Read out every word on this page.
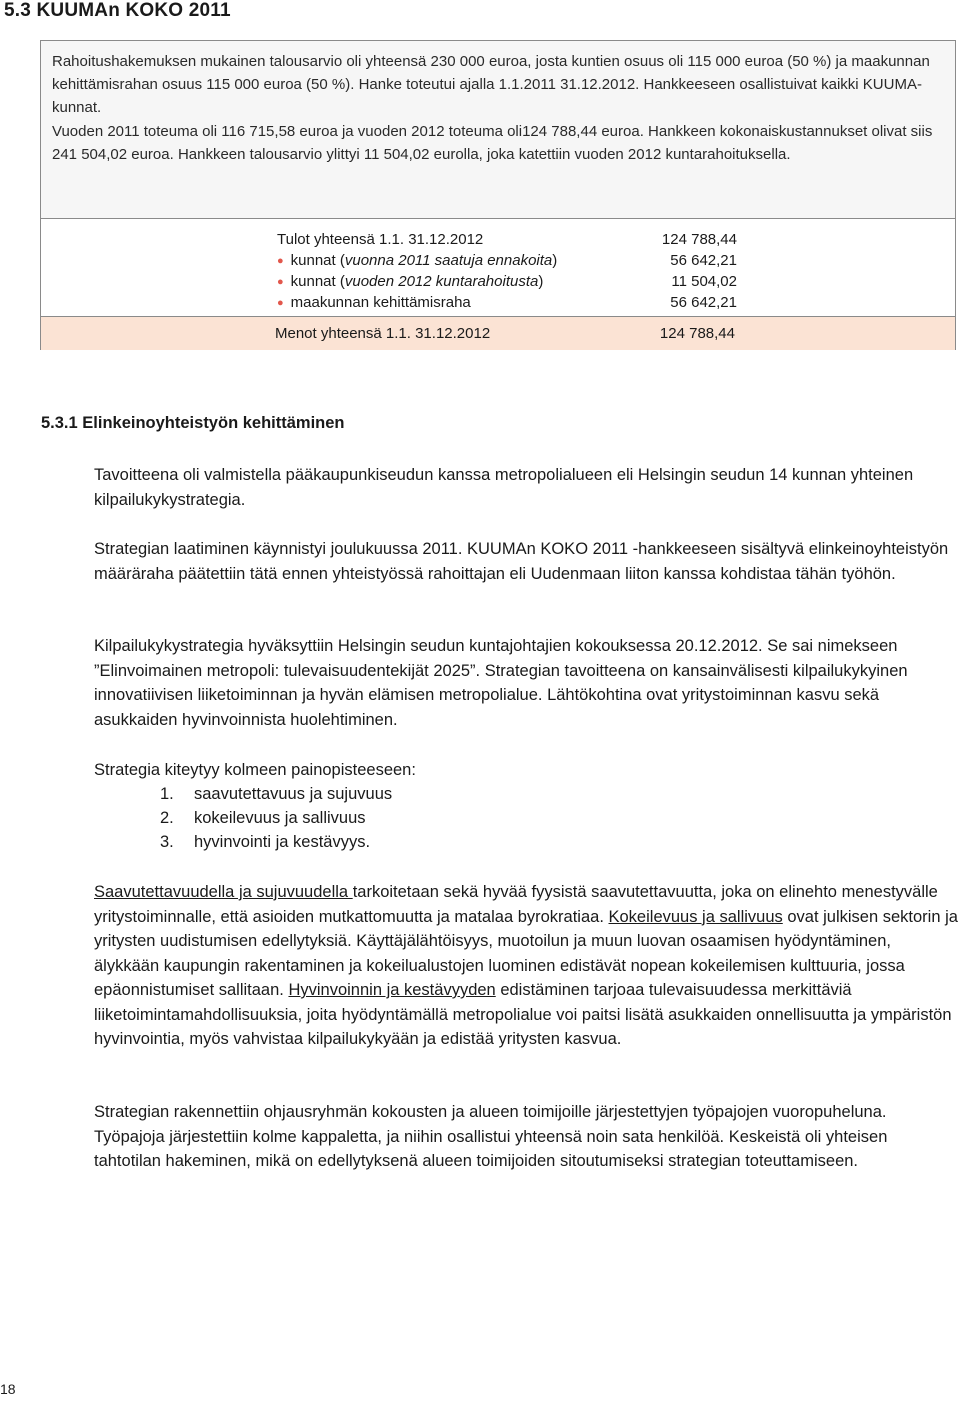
5.3 KUUMAn KOKO 2011

Rahoitushakemuksen mukainen talousarvio oli yhteensä 230 000 euroa, josta kuntien osuus oli 115 000 euroa (50 %) ja maakunnan kehittämisrahan osuus 115 000 euroa (50 %). Hanke toteutui ajalla 1.1.2011 31.12.2012. Hankkeeseen osallistuivat kaikki KUUMA-kunnat.

Vuoden 2011 toteuma oli 116 715,58 euroa ja vuoden 2012 toteuma oli124 788,44 euroa. Hankkeen kokonaiskustannukset olivat siis 241 504,02 euroa. Hankkeen talousarvio ylittyi 11 504,02 eurolla, joka katettiin vuoden 2012 kuntarahoituksella.

Tulot yhteensä 1.1. 31.12.2012	124 788,44
● kunnat (vuonna 2011 saatuja ennakoita)	56 642,21
● kunnat (vuoden 2012 kuntarahoitusta)	11 504,02
● maakunnan kehittämisraha	56 642,21
Menot yhteensä 1.1. 31.12.2012	124 788,44
5.3.1 Elinkeinoyhteistyön kehittäminen

Tavoitteena oli valmistella pääkaupunkiseudun kanssa metropolialueen eli Helsingin seudun 14 kunnan yhteinen kilpailukykystrategia.

Strategian laatiminen käynnistyi joulukuussa 2011. KUUMAn KOKO 2011 -hankkeeseen sisältyvä elinkeinoyhteistyön määräraha päätettiin tätä ennen yhteistyössä rahoittajan eli Uudenmaan liiton kanssa kohdistaa tähän työhön.

Kilpailukykystrategia hyväksyttiin Helsingin seudun kuntajohtajien kokouksessa 20.12.2012. Se sai nimekseen ”Elinvoimainen metropoli: tulevaisuudentekijät 2025”. Strategian tavoitteena on kansainvälisesti kilpailukykyinen innovatiivisen liiketoiminnan ja hyvän elämisen metropolialue. Lähtökohtina ovat yritystoiminnan kasvu sekä asukkaiden hyvinvoinnista huolehtiminen.

Strategia kiteytyy kolmeen painopisteeseen:

1. saavutettavuus ja sujuvuus
2. kokeilevuus ja sallivuus
3. hyvinvointi ja kestävyys.

Saavutettavuudella ja sujuvuudella tarkoitetaan sekä hyvää fyysistä saavutettavuutta, joka on elinehto menestyvälle yritystoiminnalle, että asioiden mutkattomuutta ja matalaa byrokratiaa. Kokeilevuus ja sallivuus ovat julkisen sektorin ja yritysten uudistumisen edellytyksiä. Käyttäjälähtöisyys, muotoilun ja muun luovan osaamisen hyödyntäminen, älykkään kaupungin rakentaminen ja kokeilualustojen luominen edistävät nopean kokeilemisen kulttuuria, jossa epäonnistumiset sallitaan. Hyvinvoinnin ja kestävyyden edistäminen tarjoaa tulevaisuudessa merkittäviä liiketoimintamahdollisuuksia, joita hyödyntämällä metropolialue voi paitsi lisätä asukkaiden onnellisuutta ja ympäristön hyvinvointia, myös vahvistaa kilpailukykyään ja edistää yritysten kasvua.

Strategian rakennettiin ohjausryhmän kokousten ja alueen toimijoille järjestettyjen työpajojen vuoropuheluna. Työpajoja järjestettiin kolme kappaletta, ja niihin osallistui yhteensä noin sata henkilöä. Keskeistä oli yhteisen tahtotilan hakeminen, mikä on edellytyksenä alueen toimijoiden sitoutumiseksi strategian toteuttamiseen.

18
